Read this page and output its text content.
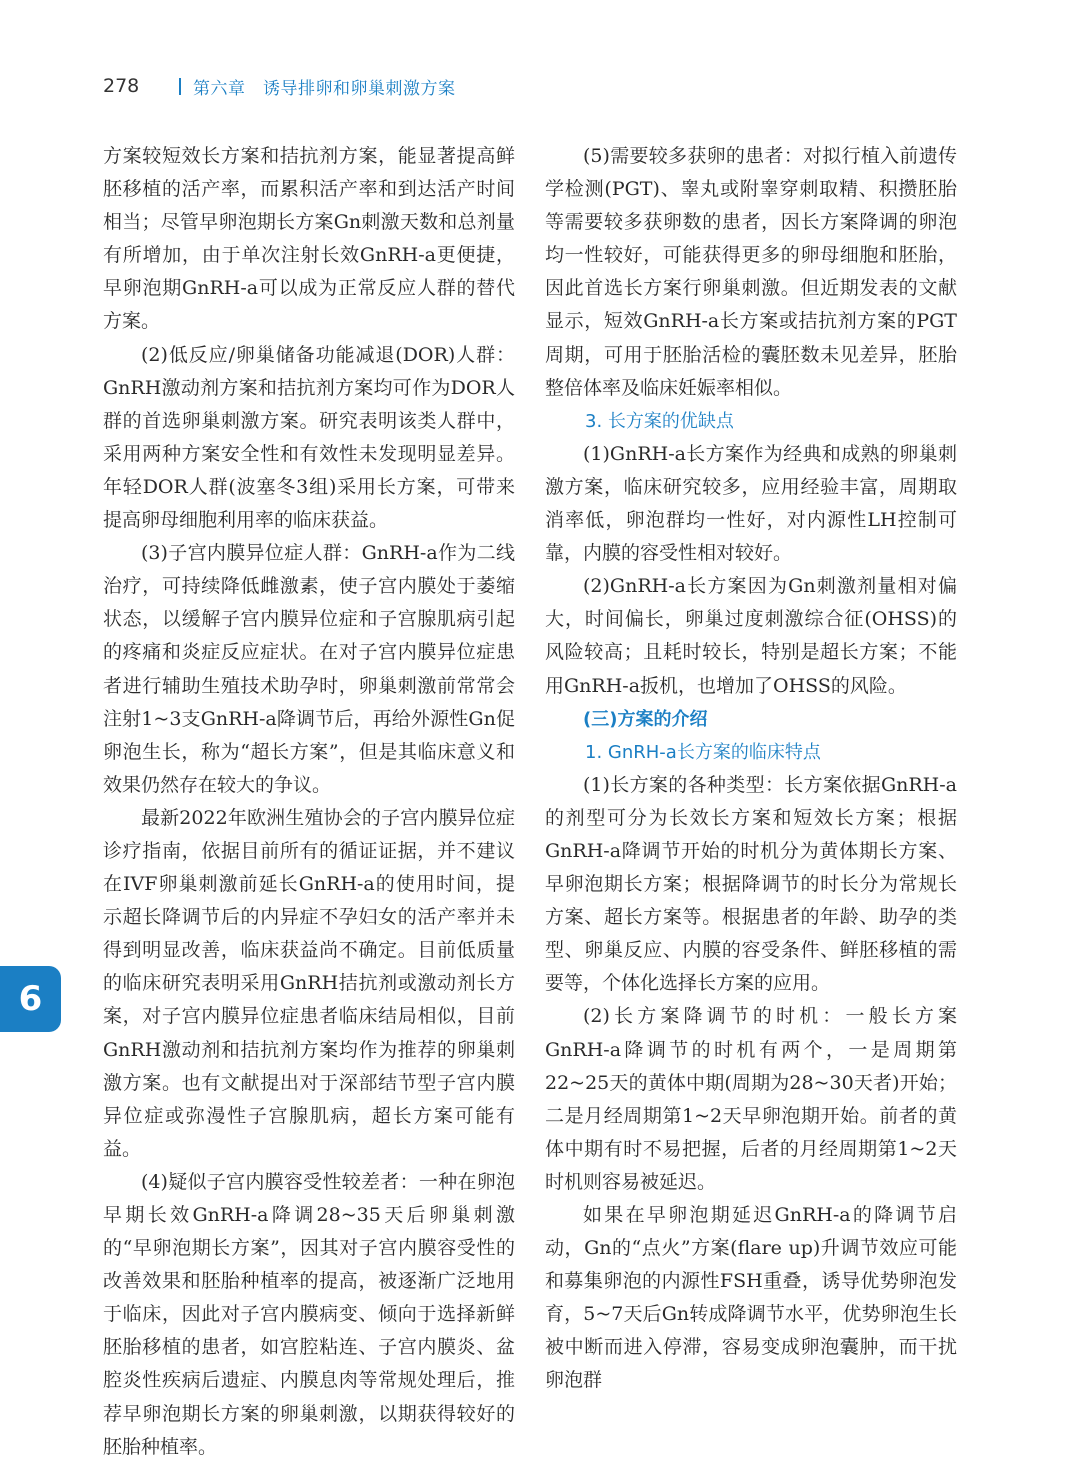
278	第六章　诱导排卵和卵巢刺激方案

方案较短效长方案和拮抗剂方案，能显著提高鲜胚移植的活产率，而累积活产率和到达活产时间相当；尽管早卵泡期长方案Gn刺激天数和总剂量有所增加，由于单次注射长效GnRH-a更便捷，早卵泡期GnRH-a可以成为正常反应人群的替代方案。

(2)低反应/卵巢储备功能减退(DOR)人群：GnRH激动剂方案和拮抗剂方案均可作为DOR人群的首选卵巢刺激方案。研究表明该类人群中，采用两种方案安全性和有效性未发现明显差异。年轻DOR人群(波塞冬3组)采用长方案，可带来提高卵母细胞利用率的临床获益。

(3)子宫内膜异位症人群：GnRH-a作为二线治疗，可持续降低雌激素，使子宫内膜处于萎缩状态，以缓解子宫内膜异位症和子宫腺肌病引起的疼痛和炎症反应症状。在对子宫内膜异位症患者进行辅助生殖技术助孕时，卵巢刺激前常常会注射1~3支GnRH-a降调节后，再给外源性Gn促卵泡生长，称为“超长方案”，但是其临床意义和效果仍然存在较大的争议。

最新2022年欧洲生殖协会的子宫内膜异位症诊疗指南，依据目前所有的循证证据，并不建议在IVF卵巢刺激前延长GnRH-a的使用时间，提示超长降调节后的内异症不孕妇女的活产率并未得到明显改善，临床获益尚不确定。目前低质量的临床研究表明采用GnRH拮抗剂或激动剂长方案，对子宫内膜异位症患者临床结局相似，目前GnRH激动剂和拮抗剂方案均作为推荐的卵巢刺激方案。也有文献提出对于深部结节型子宫内膜异位症或弥漫性子宫腺肌病，超长方案可能有益。

(4)疑似子宫内膜容受性较差者：一种在卵泡早期长效GnRH-a降调28~35天后卵巢刺激的“早卵泡期长方案”，因其对子宫内膜容受性的改善效果和胚胎种植率的提高，被逐渐广泛地用于临床，因此对子宫内膜病变、倾向于选择新鲜胚胎移植的患者，如宫腔粘连、子宫内膜炎、盆腔炎性疾病后遗症、内膜息肉等常规处理后，推荐早卵泡期长方案的卵巢刺激，以期获得较好的胚胎种植率。

(5)需要较多获卵的患者：对拟行植入前遗传学检测(PGT)、睾丸或附睾穿刺取精、积攒胚胎等需要较多获卵数的患者，因长方案降调的卵泡均一性较好，可能获得更多的卵母细胞和胚胎，因此首选长方案行卵巢刺激。但近期发表的文献显示，短效GnRH-a长方案或拮抗剂方案的PGT周期，可用于胚胎活检的囊胚数未见差异，胚胎整倍体率及临床妊娠率相似。

3. 长方案的优缺点

(1)GnRH-a长方案作为经典和成熟的卵巢刺激方案，临床研究较多，应用经验丰富，周期取消率低，卵泡群均一性好，对内源性LH控制可靠，内膜的容受性相对较好。

(2)GnRH-a长方案因为Gn刺激剂量相对偏大，时间偏长，卵巢过度刺激综合征(OHSS)的风险较高；且耗时较长，特别是超长方案；不能用GnRH-a扳机，也增加了OHSS的风险。

(三)方案的介绍
1. GnRH-a长方案的临床特点

(1)长方案的各种类型：长方案依据GnRH-a的剂型可分为长效长方案和短效长方案；根据GnRH-a降调节开始的时机分为黄体期长方案、早卵泡期长方案；根据降调节的时长分为常规长方案、超长方案等。根据患者的年龄、助孕的类型、卵巢反应、内膜的容受条件、鲜胚移植的需要等，个体化选择长方案的应用。

(2)长方案降调节的时机：一般长方案GnRH-a降调节的时机有两个，一是周期第22~25天的黄体中期(周期为28~30天者)开始；二是月经周期第1~2天早卵泡期开始。前者的黄体中期有时不易把握，后者的月经周期第1~2天时机则容易被延迟。

如果在早卵泡期延迟GnRH-a的降调节启动，Gn的“点火”方案(flare up)升调节效应可能和募集卵泡的内源性FSH重叠，诱导优势卵泡发育，5~7天后Gn转成降调节水平，优势卵泡生长被中断而进入停滞，容易变成卵泡囊肿，而干扰卵泡群

6
